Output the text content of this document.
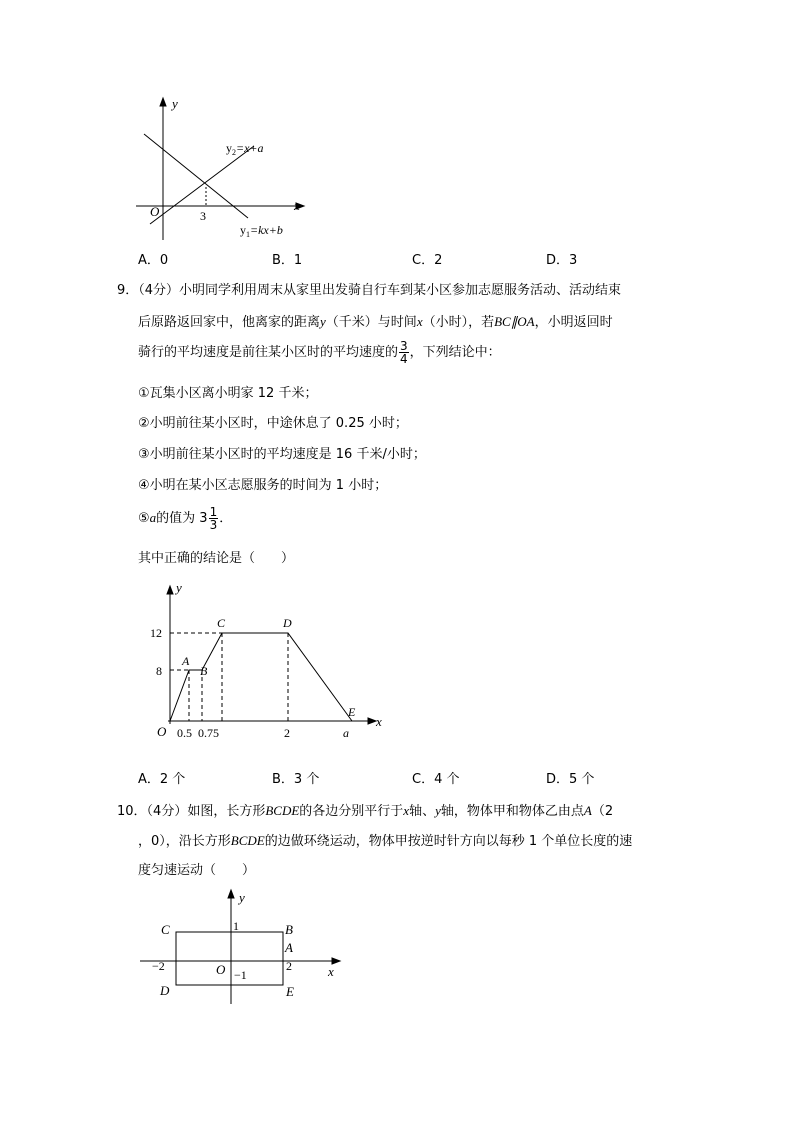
y
x
O	3
$y_2=x+a$
$y_1=kx+b$
A．0	B．1	C．2	D．3
9．（4分）小明同学利用周末从家里出发骑自行车到某小区参加志愿服务活动、活动结束
后原路返回家中，他离家的距离y（千米）与时间x（小时），若BC∥OA，小明返回时
骑行的平均速度是前往某小区时的平均速度的 $\frac{3}{4}$ ，下列结论中：
①瓦集小区离小明家 12 千米；
②小明前往某小区时，中途休息了 0.25 小时；
③小明前往某小区时的平均速度是 16 千米/小时；
④小明在某小区志愿服务的时间为 1 小时；
⑤a的值为 $3 \frac{1}{3}$ ．
其中正确的结论是（　　）
y
x
O
12
8
A
B
C	D
E
0.5 0.75	2	a
A．2 个	B．3 个	C．4 个	D．5 个
10．（4分）如图，长方形BCDE的各边分别平行于x轴、y轴，物体甲和物体乙由点A（2
，0），沿长方形BCDE的边做环绕运动，物体甲按逆时针方向以每秒 1 个单位长度的速
度匀速运动（　　）
y
x
O
C	B
A
D	E
1
−2	2
−1
